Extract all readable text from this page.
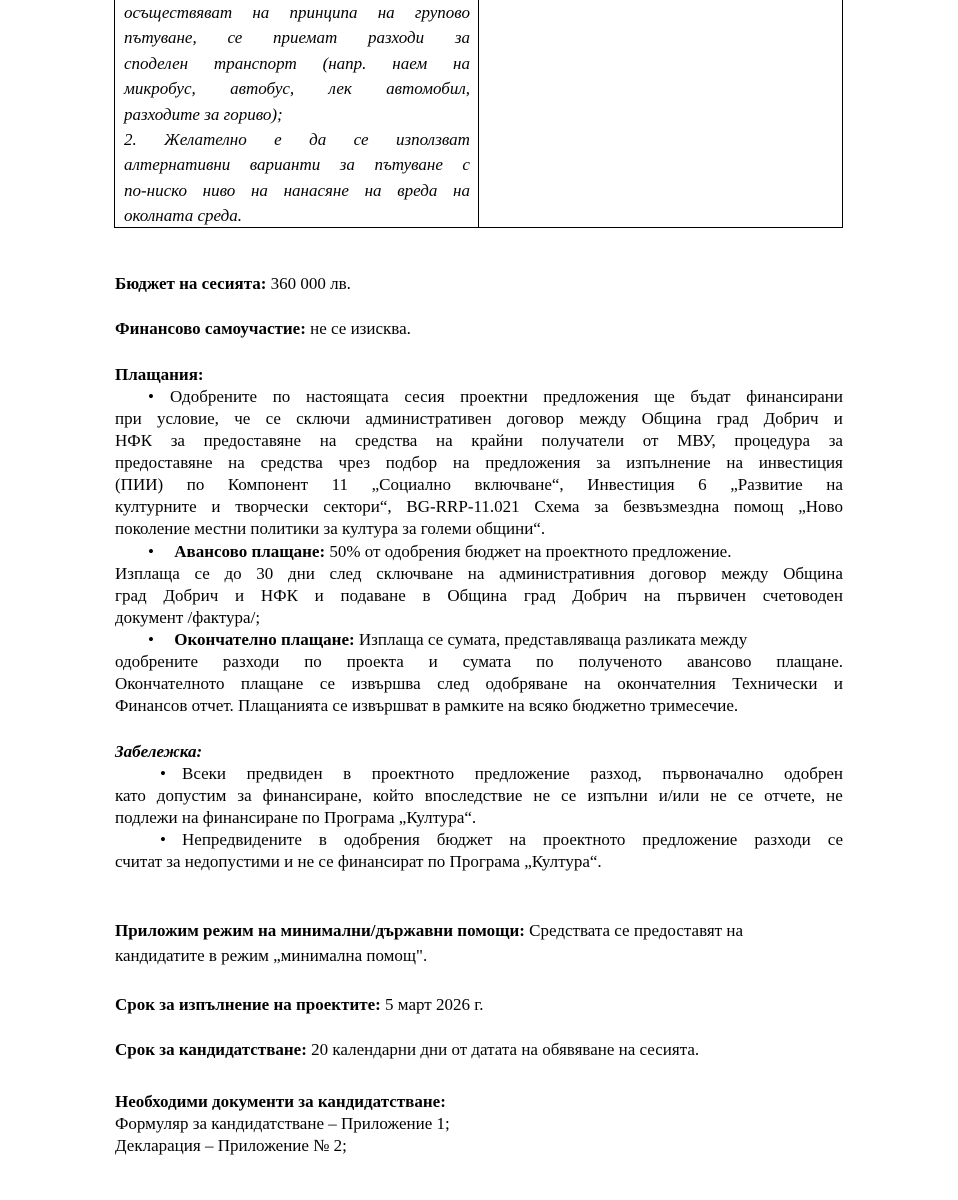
осъществяват на принципа на групово
пътуване, се приемат разходи за
споделен транспорт (напр. наем на
микробус, автобус, лек автомобил,
разходите за гориво);
2. Желателно е да се използват
алтернативни варианти за пътуване с
по-ниско ниво на нанасяне на вреда на
околната среда.

Бюджет на сесията: 360 000 лв.

Финансово самоучастие: не се изисква.

Плащания:

• Одобрените по настоящата сесия проектни предложения ще бъдат финансирани
при условие, че се сключи административен договор между Община град Добрич и
НФК за предоставяне на средства на крайни получатели от МВУ, процедура за
предоставяне на средства чрез подбор на предложения за изпълнение на инвестиция
(ПИИ) по Компонент 11 „Социално включване“, Инвестиция 6 „Развитие на
културните и творчески сектори“, BG-RRP-11.021 Схема за безвъзмездна помощ „Ново
поколение местни политики за култура за големи общини“.
• Авансово плащане: 50% от одобрения бюджет на проектното предложение.
Изплаща се до 30 дни след сключване на административния договор между Община
град Добрич и НФК и подаване в Община град Добрич на първичен счетоводен
документ /фактура/;
• Окончателно плащане: Изплаща се сумата, представляваща разликата между
одобрените разходи по проекта и сумата по полученото авансово плащане.
Окончателното плащане се извършва след одобряване на окончателния Технически и
Финансов отчет. Плащанията се извършват в рамките на всяко бюджетно тримесечие.

Забележка:

• Всеки предвиден в проектното предложение разход, първоначално одобрен
като допустим за финансиране, който впоследствие не се изпълни и/или не се отчете, не
подлежи на финансиране по Програма „Култура“.
• Непредвидените в одобрения бюджет на проектното предложение разходи се
считат за недопустими и не се финансират по Програма „Култура“.
Приложим режим на минимални/държавни помощи: Средствата се предоставят на
кандидатите в режим „минимална помощ".

Срок за изпълнение на проектите: 5 март 2026 г.

Срок за кандидатстване: 20 календарни дни от датата на обявяване на сесията.

Необходими документи за кандидатстване:

Формуляр за кандидатстване – Приложение 1;

Декларация – Приложение № 2;
